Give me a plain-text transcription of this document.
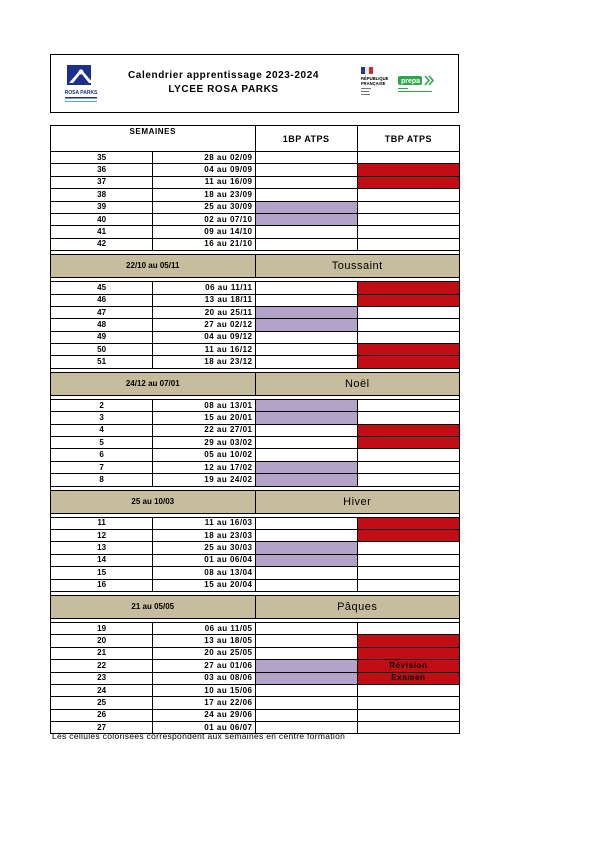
ROSA PARKS
Calendrier apprentissage 2023-2024
LYCEE ROSA PARKS
RÉPUBLIQUE
FRANÇAISE prepa
SEMAINES		1BP ATPS	TBP ATPS
35	28 au 02/09		
36	04 au 09/09		
37	11 au 16/09		
38	18 au 23/09		
39	25 au 30/09		
40	02 au 07/10		
41	09 au 14/10		
42	16 au 21/10		

22/10 au 05/11		Toussaint	

45	06 au 11/11		
46	13 au 18/11		
47	20 au 25/11		
48	27 au 02/12		
49	04 au 09/12		
50	11 au 16/12		
51	18 au 23/12		

24/12 au 07/01		Noël	

2	08 au 13/01		
3	15 au 20/01		
4	22 au 27/01		
5	29 au 03/02		
6	05 au 10/02		
7	12 au 17/02		
8	19 au 24/02		

25 au 10/03		Hiver	

11	11 au 16/03		
12	18 au 23/03		
13	25 au 30/03		
14	01 au 06/04		
15	08 au 13/04		
16	15 au 20/04		

21 au 05/05		Pâques	

19	06 au 11/05		
20	13 au 18/05		
21	20 au 25/05		
22	27 au 01/06		Révision
23	03 au 08/06		Examen
24	10 au 15/06		
25	17 au 22/06		
26	24 au 29/06		
27	01 au 06/07		
Les cellules colorisées correspondent aux semaines en centre formation
